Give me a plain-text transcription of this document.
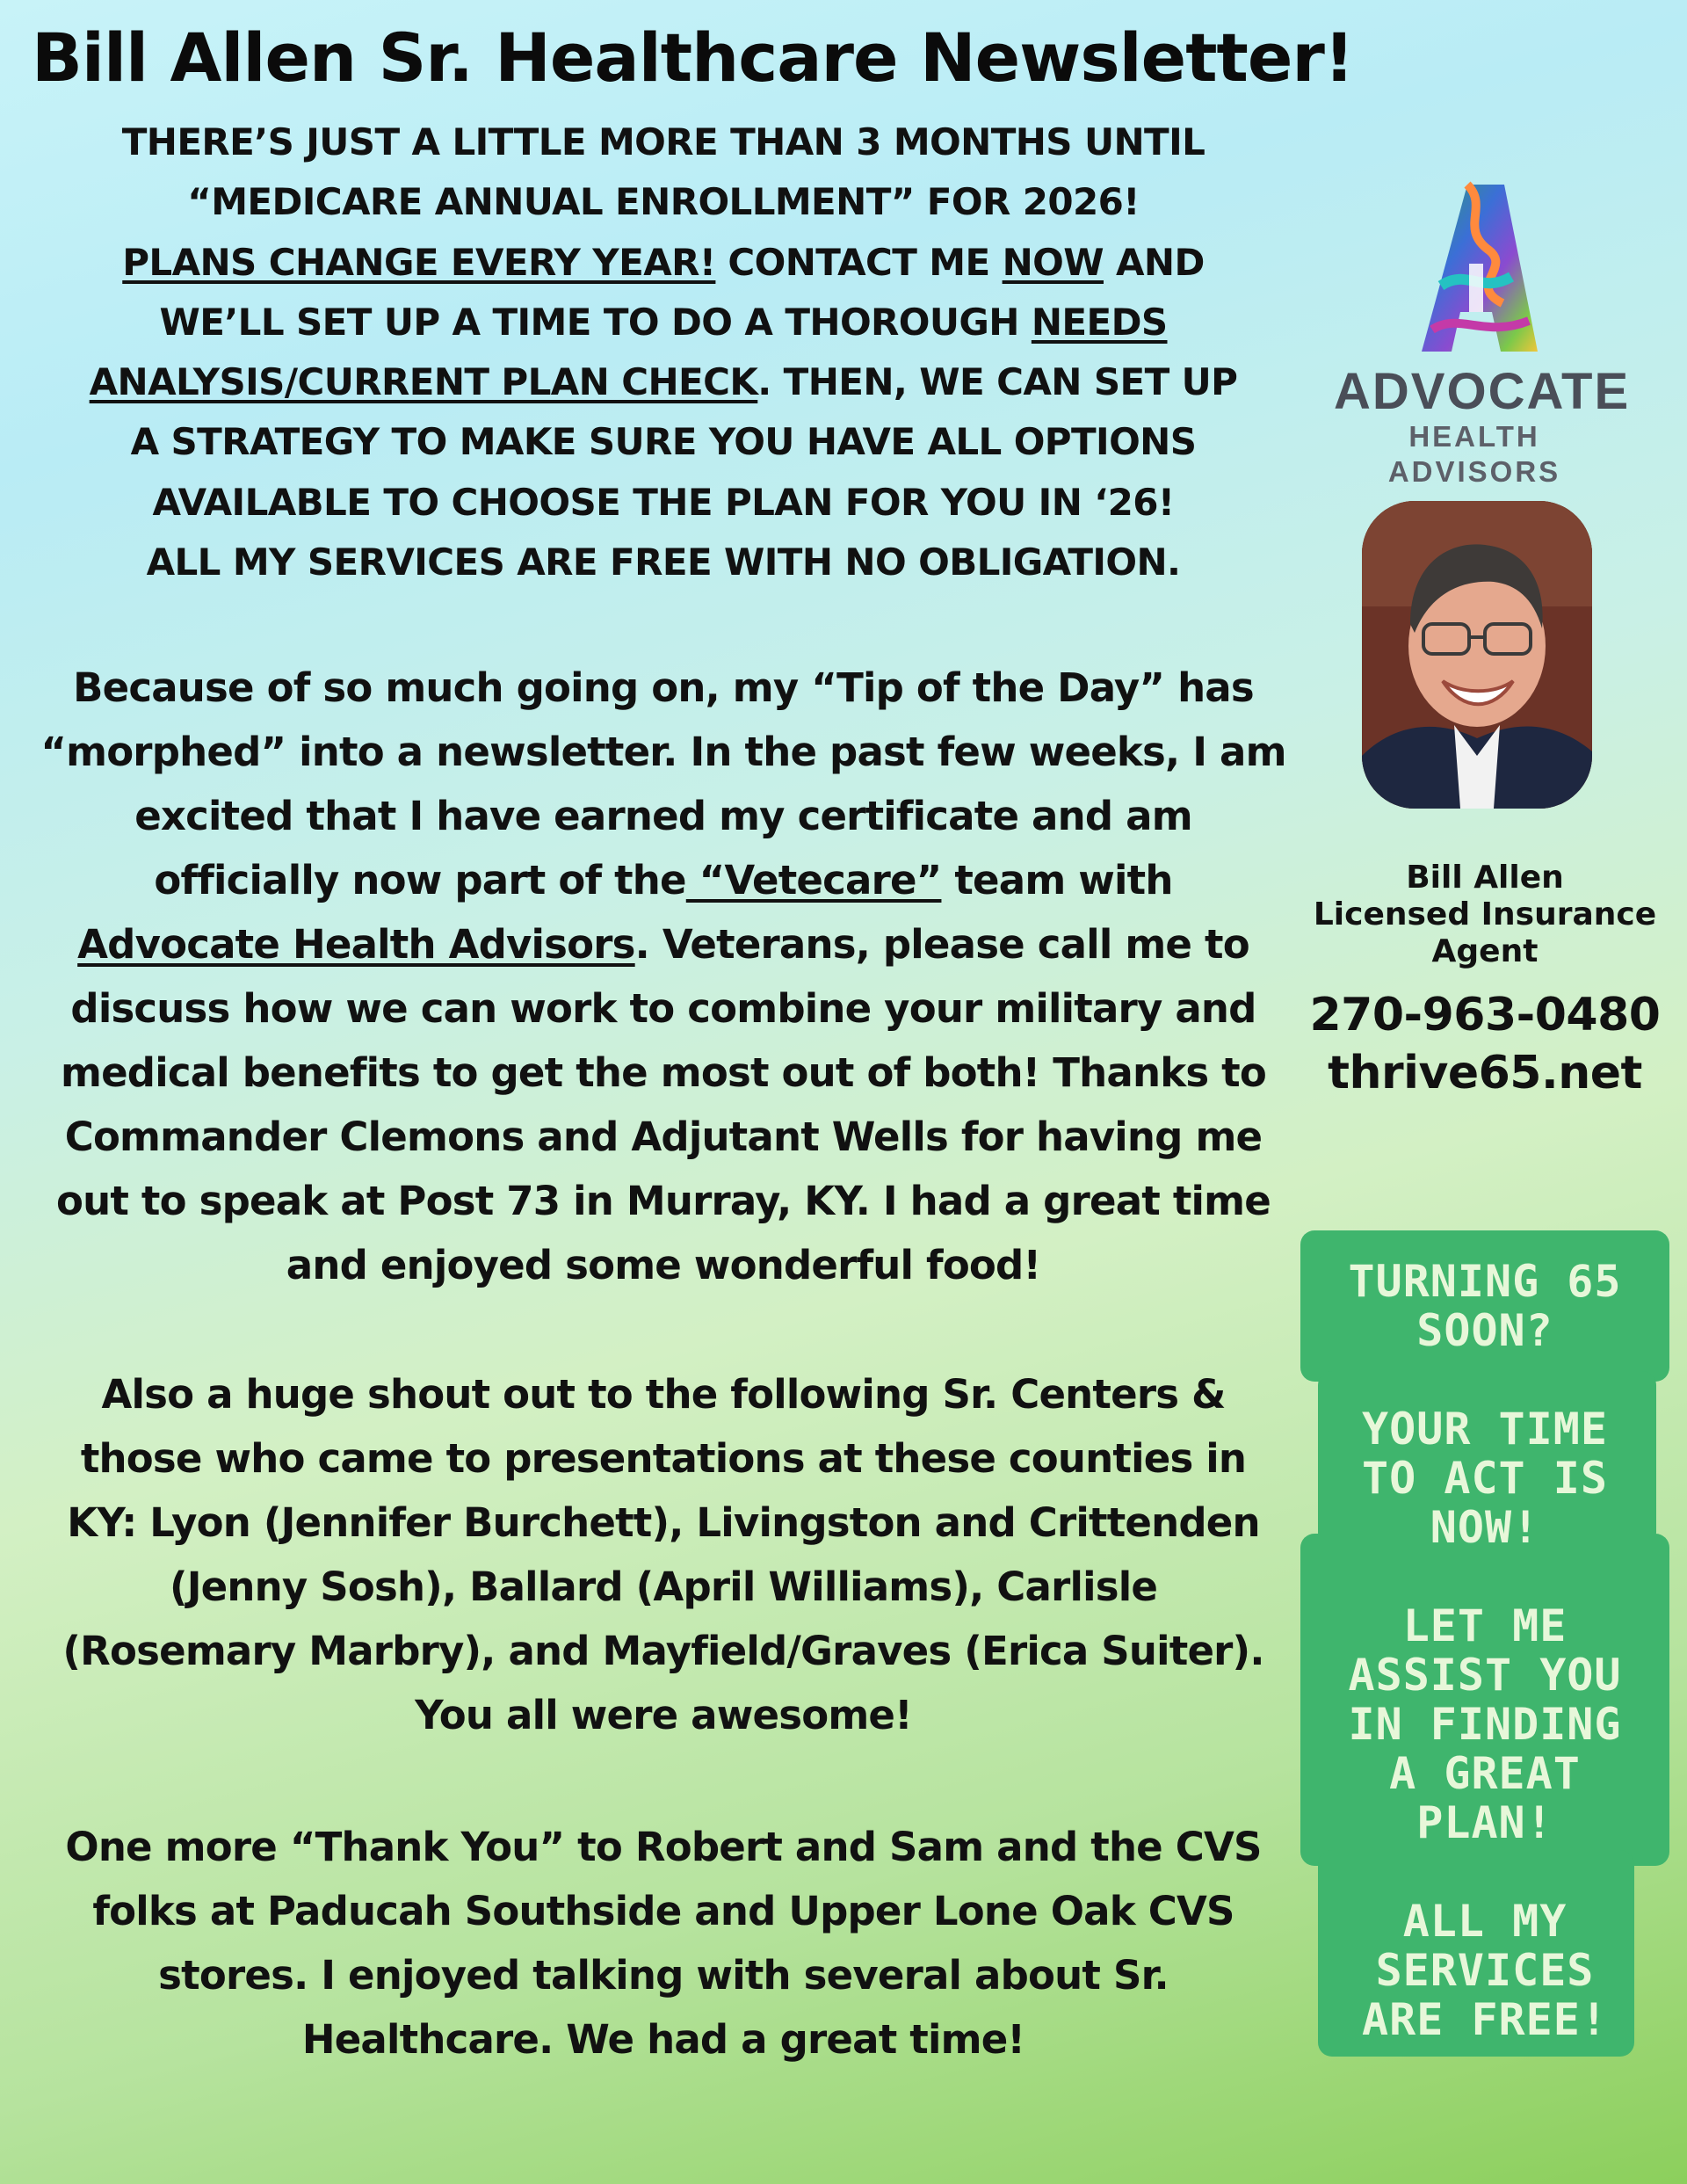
Bill Allen Sr. Healthcare Newsletter!
THERE’S JUST A LITTLE MORE THAN 3 MONTHS UNTIL
“MEDICARE ANNUAL ENROLLMENT” FOR 2026!
PLANS CHANGE EVERY YEAR! CONTACT ME NOW AND
WE’LL SET UP A TIME TO DO A THOROUGH NEEDS
ANALYSIS/CURRENT PLAN CHECK. THEN, WE CAN SET UP
A STRATEGY TO MAKE SURE YOU HAVE ALL OPTIONS
AVAILABLE TO CHOOSE THE PLAN FOR YOU IN ‘26!
ALL MY SERVICES ARE FREE WITH NO OBLIGATION.
Because of so much going on, my “Tip of the Day” has
“morphed” into a newsletter. In the past few weeks, I am
excited that I have earned my certificate and am
officially now part of the “Vetecare” team with
Advocate Health Advisors. Veterans, please call me to
discuss how we can work to combine your military and
medical benefits to get the most out of both! Thanks to
Commander Clemons and Adjutant Wells for having me
out to speak at Post 73 in Murray, KY. I had a great time
and enjoyed some wonderful food!
Also a huge shout out to the following Sr. Centers &
those who came to presentations at these counties in
KY: Lyon (Jennifer Burchett), Livingston and Crittenden
(Jenny Sosh), Ballard (April Williams), Carlisle
(Rosemary Marbry), and Mayfield/Graves (Erica Suiter).
You all were awesome!
One more “Thank You” to Robert and Sam and the CVS
folks at Paducah Southside and Upper Lone Oak CVS
stores. I enjoyed talking with several about Sr.
Healthcare. We had a great time!
ADVOCATE
HEALTH ADVISORS
Bill Allen
Licensed Insurance
Agent
270-963-0480
thrive65.net
TURNING 65
SOON?
YOUR TIME
TO ACT IS
NOW!
LET ME
ASSIST YOU
IN FINDING
A GREAT
PLAN!
ALL MY
SERVICES
ARE FREE!
